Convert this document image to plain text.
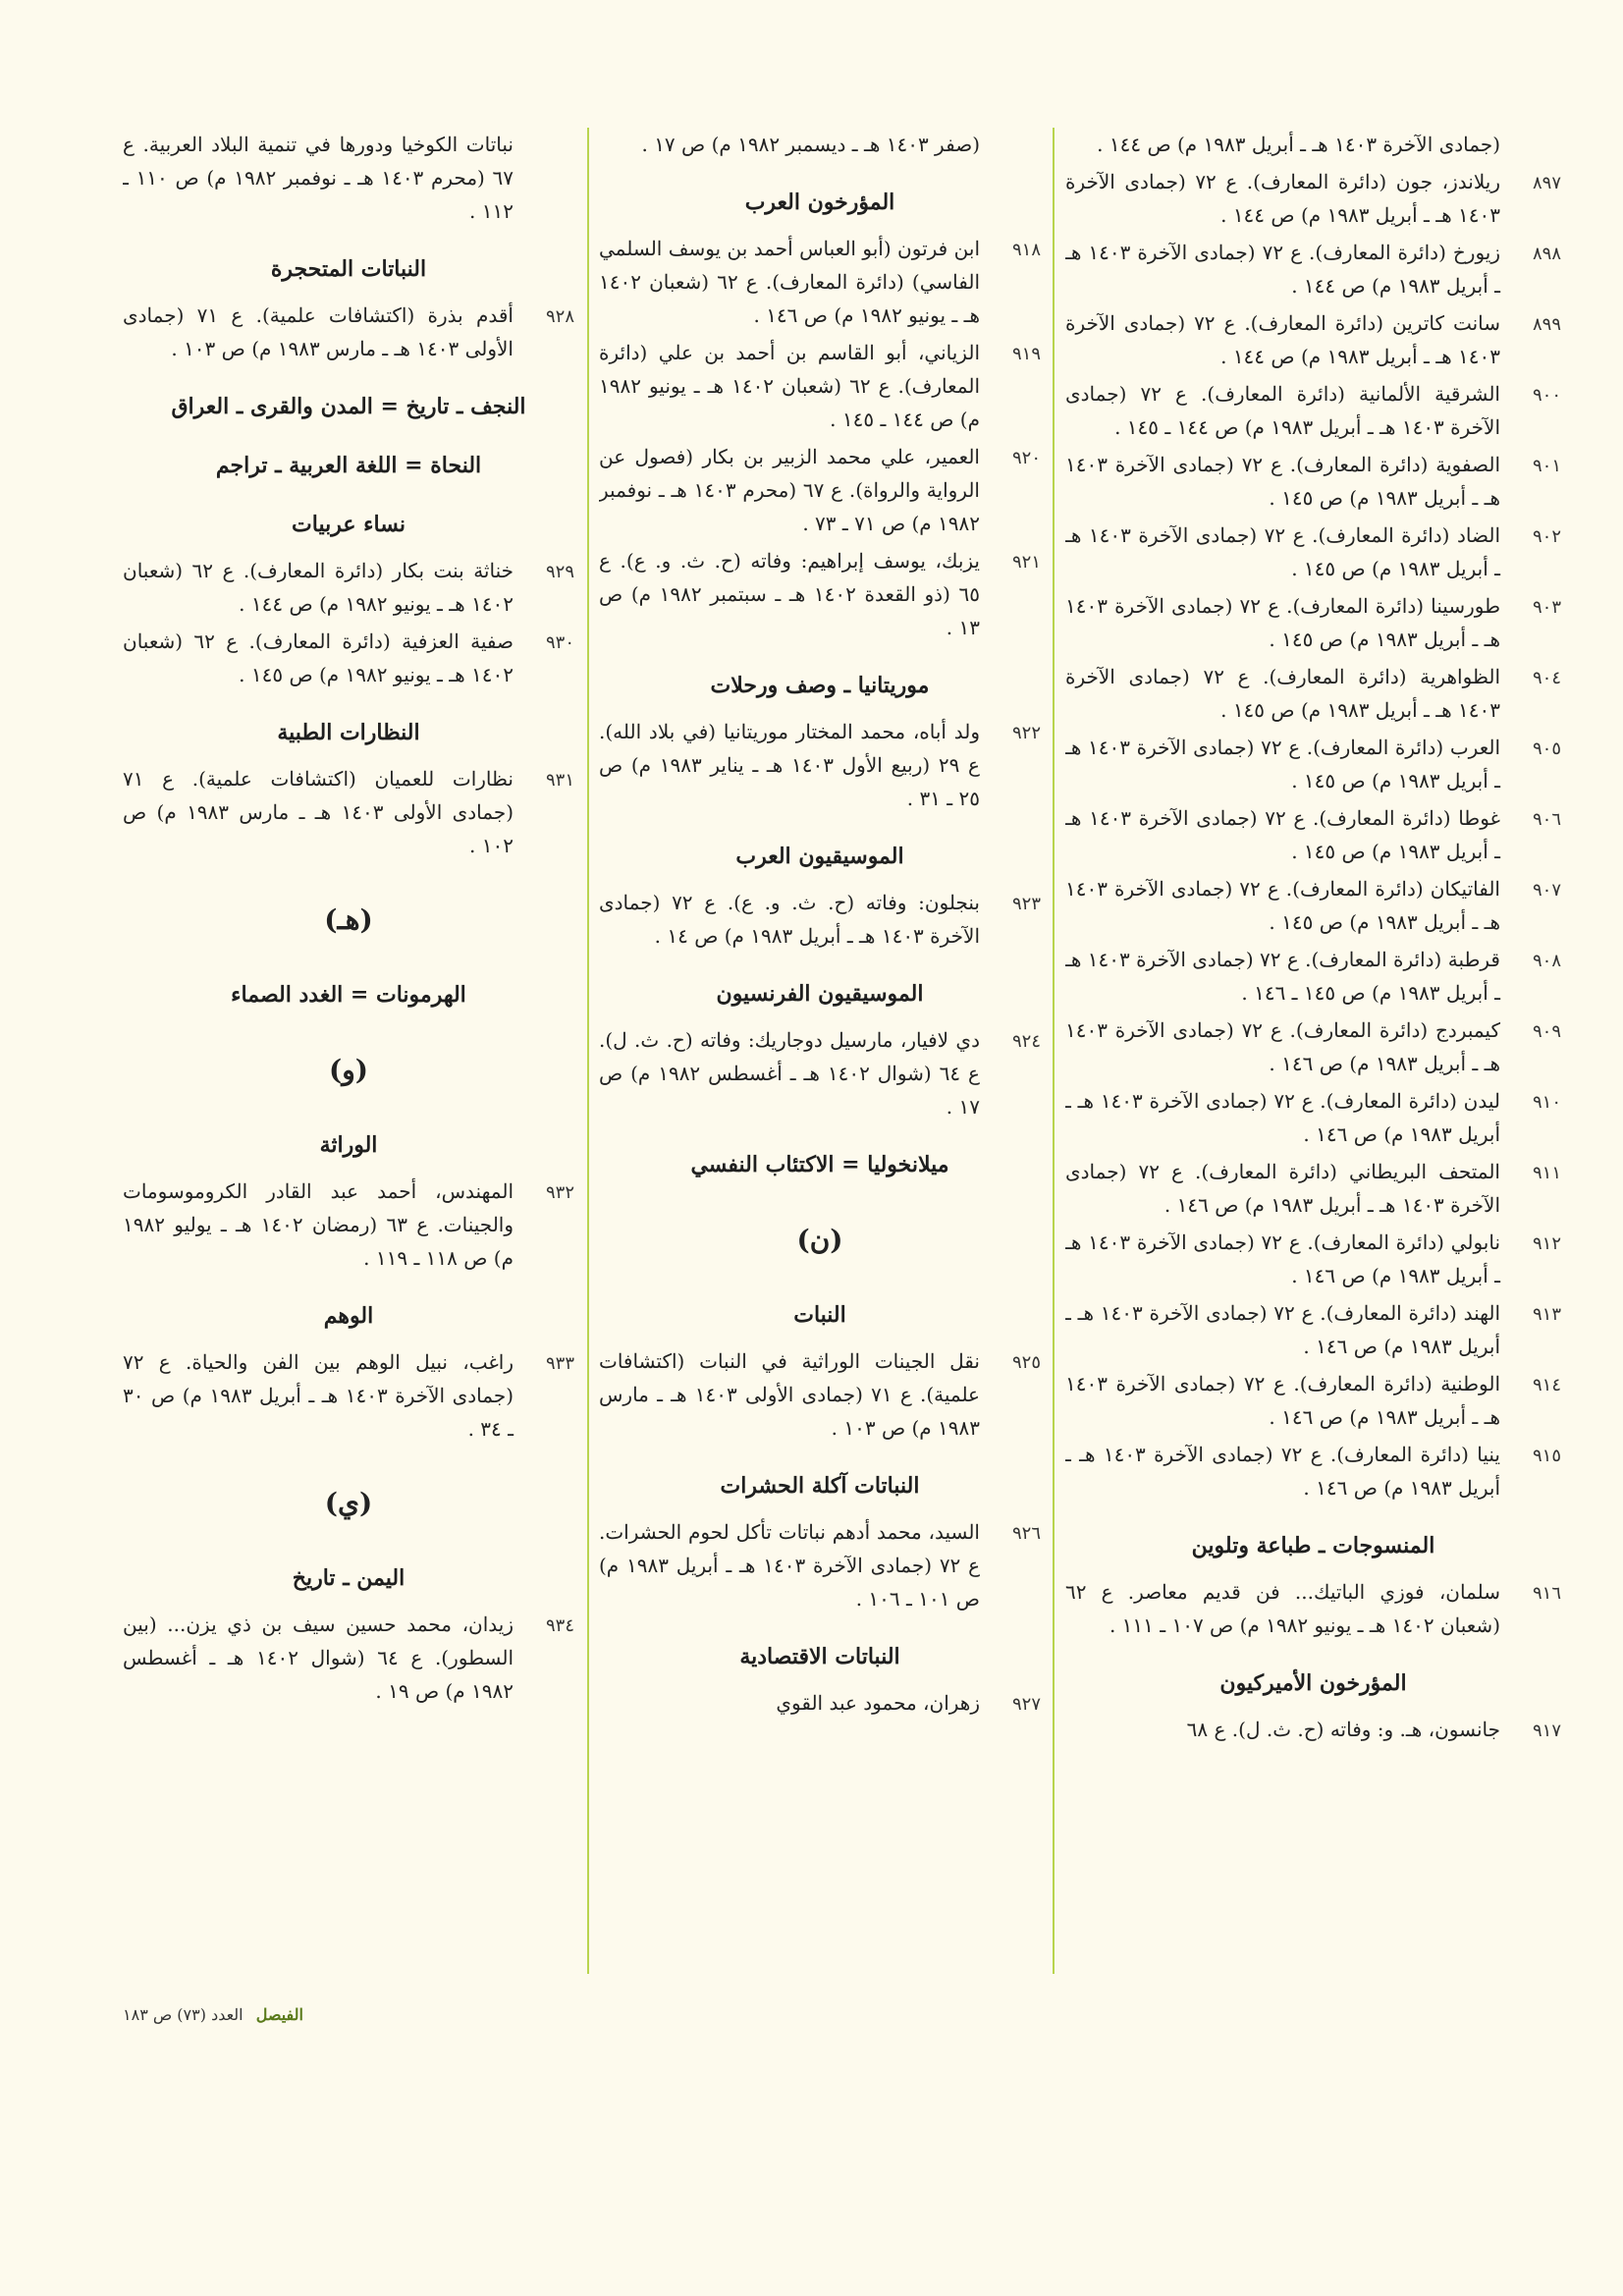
(جمادى الآخرة ١٤٠٣ هـ ـ أبريل ١٩٨٣ م) ص ١٤٤ .
٨٩٧
ريلاندز، جون (دائرة المعارف). ع ٧٢ (جمادى الآخرة ١٤٠٣ هـ ـ أبريل ١٩٨٣ م) ص ١٤٤ .
٨٩٨
زيورخ (دائرة المعارف). ع ٧٢ (جمادى الآخرة ١٤٠٣ هـ ـ أبريل ١٩٨٣ م) ص ١٤٤ .
٨٩٩
سانت كاترين (دائرة المعارف). ع ٧٢ (جمادى الآخرة ١٤٠٣ هـ ـ أبريل ١٩٨٣ م) ص ١٤٤ .
٩٠٠
الشرقية الألمانية (دائرة المعارف). ع ٧٢ (جمادى الآخرة ١٤٠٣ هـ ـ أبريل ١٩٨٣ م) ص ١٤٤ ـ ١٤٥ .
٩٠١
الصفوية (دائرة المعارف). ع ٧٢ (جمادى الآخرة ١٤٠٣ هـ ـ أبريل ١٩٨٣ م) ص ١٤٥ .
٩٠٢
الضاد (دائرة المعارف). ع ٧٢ (جمادى الآخرة ١٤٠٣ هـ ـ أبريل ١٩٨٣ م) ص ١٤٥ .
٩٠٣
طورسينا (دائرة المعارف). ع ٧٢ (جمادى الآخرة ١٤٠٣ هـ ـ أبريل ١٩٨٣ م) ص ١٤٥ .
٩٠٤
الظواهرية (دائرة المعارف). ع ٧٢ (جمادى الآخرة ١٤٠٣ هـ ـ أبريل ١٩٨٣ م) ص ١٤٥ .
٩٠٥
العرب (دائرة المعارف). ع ٧٢ (جمادى الآخرة ١٤٠٣ هـ ـ أبريل ١٩٨٣ م) ص ١٤٥ .
٩٠٦
غوطا (دائرة المعارف). ع ٧٢ (جمادى الآخرة ١٤٠٣ هـ ـ أبريل ١٩٨٣ م) ص ١٤٥ .
٩٠٧
الفاتيكان (دائرة المعارف). ع ٧٢ (جمادى الآخرة ١٤٠٣ هـ ـ أبريل ١٩٨٣ م) ص ١٤٥ .
٩٠٨
قرطبة (دائرة المعارف). ع ٧٢ (جمادى الآخرة ١٤٠٣ هـ ـ أبريل ١٩٨٣ م) ص ١٤٥ ـ ١٤٦ .
٩٠٩
كيمبردج (دائرة المعارف). ع ٧٢ (جمادى الآخرة ١٤٠٣ هـ ـ أبريل ١٩٨٣ م) ص ١٤٦ .
٩١٠
ليدن (دائرة المعارف). ع ٧٢ (جمادى الآخرة ١٤٠٣ هـ ـ أبريل ١٩٨٣ م) ص ١٤٦ .
٩١١
المتحف البريطاني (دائرة المعارف). ع ٧٢ (جمادى الآخرة ١٤٠٣ هـ ـ أبريل ١٩٨٣ م) ص ١٤٦ .
٩١٢
نابولي (دائرة المعارف). ع ٧٢ (جمادى الآخرة ١٤٠٣ هـ ـ أبريل ١٩٨٣ م) ص ١٤٦ .
٩١٣
الهند (دائرة المعارف). ع ٧٢ (جمادى الآخرة ١٤٠٣ هـ ـ أبريل ١٩٨٣ م) ص ١٤٦ .
٩١٤
الوطنية (دائرة المعارف). ع ٧٢ (جمادى الآخرة ١٤٠٣ هـ ـ أبريل ١٩٨٣ م) ص ١٤٦ .
٩١٥
ينيا (دائرة المعارف). ع ٧٢ (جمادى الآخرة ١٤٠٣ هـ ـ أبريل ١٩٨٣ م) ص ١٤٦ .
المنسوجات ـ طباعة وتلوين
٩١٦
سلمان، فوزي الباتيك... فن قديم معاصر. ع ٦٢ (شعبان ١٤٠٢ هـ ـ يونيو ١٩٨٢ م) ص ١٠٧ ـ ١١١ .
المؤرخون الأميركيون
٩١٧
جانسون، هـ. و: وفاته (ح. ث. ل). ع ٦٨
(صفر ١٤٠٣ هـ ـ ديسمبر ١٩٨٢ م) ص ١٧ .
المؤرخون العرب
٩١٨
ابن فرتون (أبو العباس أحمد بن يوسف السلمي الفاسي) (دائرة المعارف). ع ٦٢ (شعبان ١٤٠٢ هـ ـ يونيو ١٩٨٢ م) ص ١٤٦ .
٩١٩
الزياني، أبو القاسم بن أحمد بن علي (دائرة المعارف). ع ٦٢ (شعبان ١٤٠٢ هـ ـ يونيو ١٩٨٢ م) ص ١٤٤ ـ ١٤٥ .
٩٢٠
العمير، علي محمد الزبير بن بكار (فصول عن الرواية والرواة). ع ٦٧ (محرم ١٤٠٣ هـ ـ نوفمبر ١٩٨٢ م) ص ٧١ ـ ٧٣ .
٩٢١
يزبك، يوسف إبراهيم: وفاته (ح. ث. و. ع). ع ٦٥ (ذو القعدة ١٤٠٢ هـ ـ سبتمبر ١٩٨٢ م) ص ١٣ .
موريتانيا ـ وصف ورحلات
٩٢٢
ولد أباه، محمد المختار موريتانيا (في بلاد الله). ع ٢٩ (ربيع الأول ١٤٠٣ هـ ـ يناير ١٩٨٣ م) ص ٢٥ ـ ٣١ .
الموسيقيون العرب
٩٢٣
بنجلون: وفاته (ح. ث. و. ع). ع ٧٢ (جمادى الآخرة ١٤٠٣ هـ ـ أبريل ١٩٨٣ م) ص ١٤ .
الموسيقيون الفرنسيون
٩٢٤
دي لافيار، مارسيل دوجاريك: وفاته (ح. ث. ل). ع ٦٤ (شوال ١٤٠٢ هـ ـ أغسطس ١٩٨٢ م) ص ١٧ .
ميلانخوليا = الاكتئاب النفسي
(ن)
النبات
٩٢٥
نقل الجينات الوراثية في النبات (اكتشافات علمية). ع ٧١ (جمادى الأولى ١٤٠٣ هـ ـ مارس ١٩٨٣ م) ص ١٠٣ .
النباتات آكلة الحشرات
٩٢٦
السيد، محمد أدهم نباتات تأكل لحوم الحشرات. ع ٧٢ (جمادى الآخرة ١٤٠٣ هـ ـ أبريل ١٩٨٣ م) ص ١٠١ ـ ١٠٦ .
النباتات الاقتصادية
٩٢٧
زهران، محمود عبد القوي
نباتات الكوخيا ودورها في تنمية البلاد العربية. ع ٦٧ (محرم ١٤٠٣ هـ ـ نوفمبر ١٩٨٢ م) ص ١١٠ ـ ١١٢ .
النباتات المتحجرة
٩٢٨
أقدم بذرة (اكتشافات علمية). ع ٧١ (جمادى الأولى ١٤٠٣ هـ ـ مارس ١٩٨٣ م) ص ١٠٣ .
النجف ـ تاريخ = المدن والقرى ـ العراق
النحاة = اللغة العربية ـ تراجم
نساء عربيات
٩٢٩
خناثة بنت بكار (دائرة المعارف). ع ٦٢ (شعبان ١٤٠٢ هـ ـ يونيو ١٩٨٢ م) ص ١٤٤ .
٩٣٠
صفية العزفية (دائرة المعارف). ع ٦٢ (شعبان ١٤٠٢ هـ ـ يونيو ١٩٨٢ م) ص ١٤٥ .
النظارات الطبية
٩٣١
نظارات للعميان (اكتشافات علمية). ع ٧١ (جمادى الأولى ١٤٠٣ هـ ـ مارس ١٩٨٣ م) ص ١٠٢ .
(هـ)
الهرمونات = الغدد الصماء
(و)
الوراثة
٩٣٢
المهندس، أحمد عبد القادر الكروموسومات والجينات. ع ٦٣ (رمضان ١٤٠٢ هـ ـ يوليو ١٩٨٢ م) ص ١١٨ ـ ١١٩ .
الوهم
٩٣٣
راغب، نبيل الوهم بين الفن والحياة. ع ٧٢ (جمادى الآخرة ١٤٠٣ هـ ـ أبريل ١٩٨٣ م) ص ٣٠ ـ ٣٤ .
(ي)
اليمن ـ تاريخ
٩٣٤
زيدان، محمد حسين سيف بن ذي يزن... (بين السطور). ع ٦٤ (شوال ١٤٠٢ هـ ـ أغسطس ١٩٨٢ م) ص ١٩ .
الفيصل العدد (٧٣) ص ١٨٣
